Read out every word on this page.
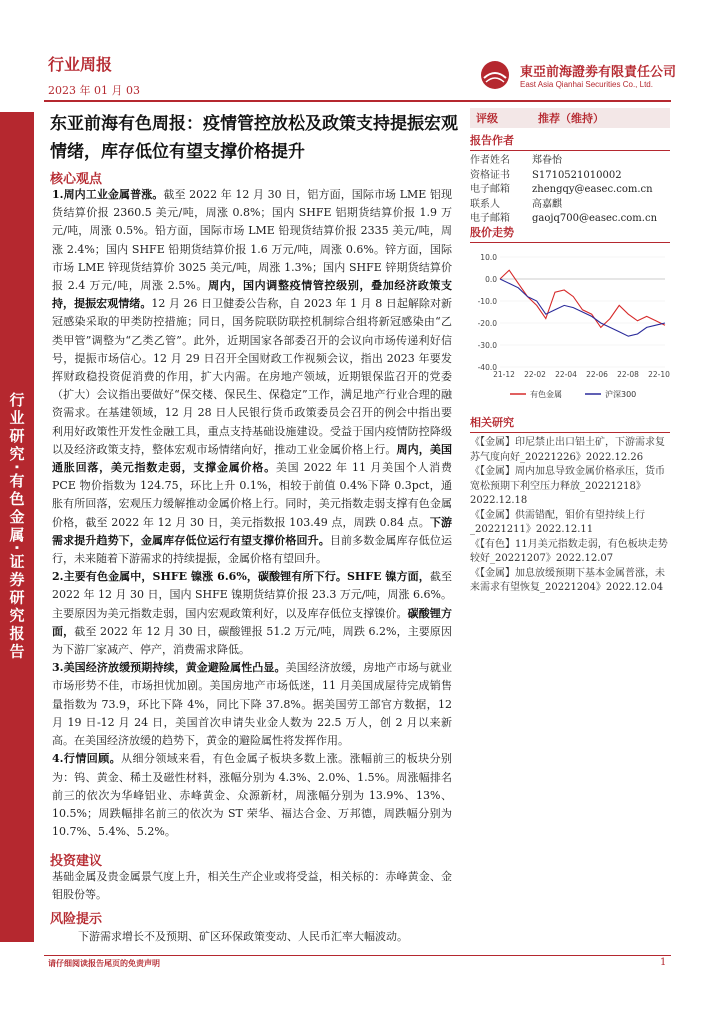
行业研究·有色金属·证券研究报告
行业周报
2023 年 01 月 03
東亞前海證劵有限責任公司
East Asia Qianhai Securities Co., Ltd.
东亚前海有色周报：疫情管控放松及政策支持提振宏观情绪，库存低位有望支撑价格提升
核心观点
1.周内工业金属普涨。截至 2022 年 12 月 30 日，铝方面，国际市场 LME 铝现货结算价报 2360.5 美元/吨，周涨 0.8%；国内 SHFE 铝期货结算价报 1.9 万元/吨，周涨 0.5%。铅方面，国际市场 LME 铅现货结算价报 2335 美元/吨，周涨 2.4%；国内 SHFE 铅期货结算价报 1.6 万元/吨，周涨 0.6%。锌方面，国际市场 LME 锌现货结算价 3025 美元/吨，周涨 1.3%；国内 SHFE 锌期货结算价报 2.4 万元/吨，周涨 2.5%。周内，国内调整疫情管控级别，叠加经济政策支持，提振宏观情绪。12 月 26 日卫健委公告称，自 2023 年 1 月 8 日起解除对新冠感染采取的甲类防控措施；同日，国务院联防联控机制综合组将新冠感染由“乙类甲管”调整为“乙类乙管”。此外，近期国家各部委召开的会议向市场传递利好信号，提振市场信心。12 月 29 日召开全国财政工作视频会议，指出 2023 年要发挥财政稳投资促消费的作用，扩大内需。在房地产领域，近期银保监召开的党委（扩大）会议指出要做好“保交楼、保民生、保稳定”工作，满足地产行业合理的融资需求。在基建领域，12 月 28 日人民银行货币政策委员会召开的例会中指出要利用好政策性开发性金融工具，重点支持基础设施建设。受益于国内疫情防控降级以及经济政策支持，整体宏观市场情绪向好，推动工业金属价格上行。周内，美国通胀回落，美元指数走弱，支撑金属价格。美国 2022 年 11 月美国个人消费 PCE 物价指数为 124.75，环比上升 0.1%，相较于前值 0.4%下降 0.3pct，通胀有所回落，宏观压力缓解推动金属价格上行。同时，美元指数走弱支撑有色金属价格，截至 2022 年 12 月 30 日，美元指数报 103.49 点，周跌 0.84 点。下游需求提升趋势下，金属库存低位运行有望支撑价格回升。目前多数金属库存低位运行，未来随着下游需求的持续提振，金属价格有望回升。
2.主要有色金属中，SHFE 镍涨 6.6%，碳酸锂有所下行。SHFE 镍方面，截至 2022 年 12 月 30 日，国内 SHFE 镍期货结算价报 23.3 万元/吨，周涨 6.6%。主要原因为美元指数走弱，国内宏观政策利好，以及库存低位支撑镍价。碳酸锂方面，截至 2022 年 12 月 30 日，碳酸锂报 51.2 万元/吨，周跌 6.2%，主要原因为下游厂家减产、停产，消费需求降低。
3.美国经济放缓预期持续，黄金避险属性凸显。美国经济放缓，房地产市场与就业市场形势不佳，市场担忧加剧。美国房地产市场低迷，11 月美国成屋待完成销售量指数为 73.9，环比下降 4%，同比下降 37.8%。据美国劳工部官方数据，12 月 19 日-12 月 24 日，美国首次申请失业金人数为 22.5 万人，创 2 月以来新高。在美国经济放缓的趋势下，黄金的避险属性将发挥作用。
4.行情回顾。从细分领域来看，有色金属子板块多数上涨。涨幅前三的板块分别为：钨、黄金、稀土及磁性材料，涨幅分别为 4.3%、2.0%、1.5%。周涨幅排名前三的依次为华峰铝业、赤峰黄金、众源新材，周涨幅分别为 13.9%、13%、10.5%；周跌幅排名前三的依次为 ST 荣华、福达合金、万邦德，周跌幅分别为 10.7%、5.4%、5.2%。
投资建议
基础金属及贵金属景气度上升，相关生产企业或将受益，相关标的：赤峰黄金、金钼股份等。
风险提示
下游需求增长不及预期、矿区环保政策变动、人民币汇率大幅波动。
评级	推荐（维持）
报告作者
作者姓名	郑眷怡
资格证书	S1710521010002
电子邮箱	zhengqy@easec.com.cn
联系人	高嘉麒
电子邮箱	gaojq700@easec.com.cn
股价走势
10.0
0.0
-10.0
-20.0
-30.0
-40.0
21-12 22-02 22-04 22-06 22-08 22-10
有色金属	沪深300
相关研究

《【金属】印尼禁止出口铝土矿，下游需求复苏气度向好_20221226》2022.12.26

《【金属】周内加息导致金属价格承压，货币宽松预期下利空压力释放_20221218》2022.12.18

《【金属】供需错配，钼价有望持续上行_20221211》2022.12.11

《【有色】11月美元指数走弱，有色板块走势较好_20221207》2022.12.07

《【金属】加息放缓预期下基本金属普涨，未来需求有望恢复_20221204》2022.12.04

请仔细阅读报告尾页的免责声明	1
